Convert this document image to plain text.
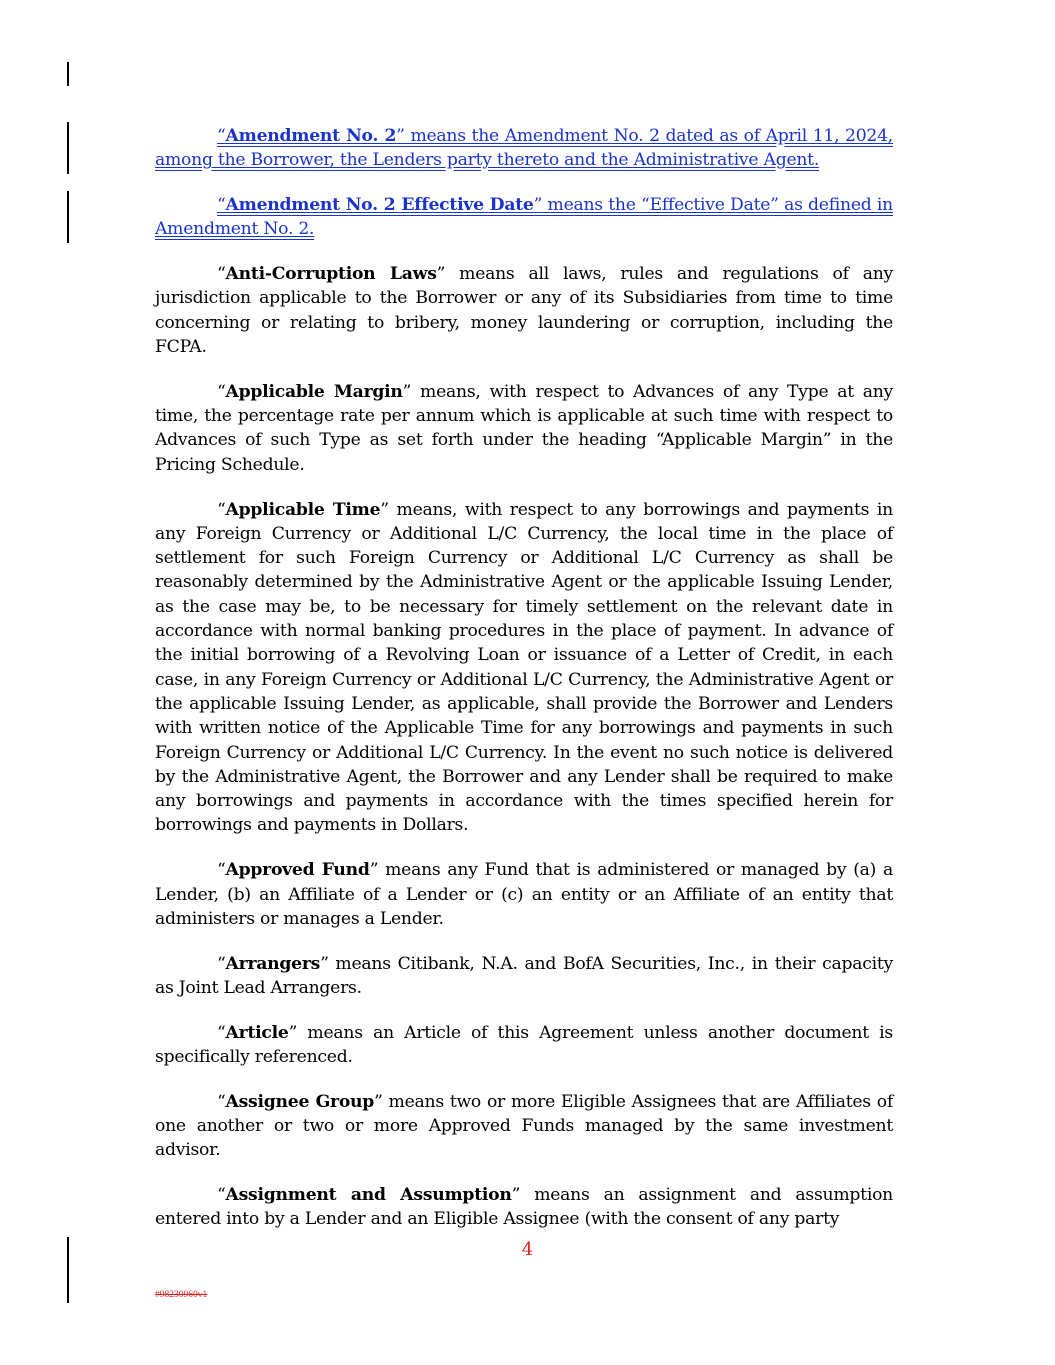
“Amendment No. 2” means the Amendment No. 2 dated as of April 11, 2024, among the Borrower, the Lenders party thereto and the Administrative Agent.

“Amendment No. 2 Effective Date” means the “Effective Date” as defined in Amendment No. 2.

“Anti-Corruption Laws” means all laws, rules and regulations of any jurisdiction applicable to the Borrower or any of its Subsidiaries from time to time concerning or relating to bribery, money laundering or corruption, including the FCPA.

“Applicable Margin” means, with respect to Advances of any Type at any time, the percentage rate per annum which is applicable at such time with respect to Advances of such Type as set forth under the heading “Applicable Margin” in the Pricing Schedule.

“Applicable Time” means, with respect to any borrowings and payments in any Foreign Currency or Additional L/C Currency, the local time in the place of settlement for such Foreign Currency or Additional L/C Currency as shall be reasonably determined by the Administrative Agent or the applicable Issuing Lender, as the case may be, to be necessary for timely settlement on the relevant date in accordance with normal banking procedures in the place of payment. In advance of the initial borrowing of a Revolving Loan or issuance of a Letter of Credit, in each case, in any Foreign Currency or Additional L/C Currency, the Administrative Agent or the applicable Issuing Lender, as applicable, shall provide the Borrower and Lenders with written notice of the Applicable Time for any borrowings and payments in such Foreign Currency or Additional L/C Currency. In the event no such notice is delivered by the Administrative Agent, the Borrower and any Lender shall be required to make any borrowings and payments in accordance with the times specified herein for borrowings and payments in Dollars.

“Approved Fund” means any Fund that is administered or managed by (a) a Lender, (b) an Affiliate of a Lender or (c) an entity or an Affiliate of an entity that administers or manages a Lender.

“Arrangers” means Citibank, N.A. and BofA Securities, Inc., in their capacity as Joint Lead Arrangers.

“Article” means an Article of this Agreement unless another document is specifically referenced.

“Assignee Group” means two or more Eligible Assignees that are Affiliates of one another or two or more Approved Funds managed by the same investment advisor.

“Assignment and Assumption” means an assignment and assumption entered into by a Lender and an Eligible Assignee (with the consent of any party

4
#98230960v1
